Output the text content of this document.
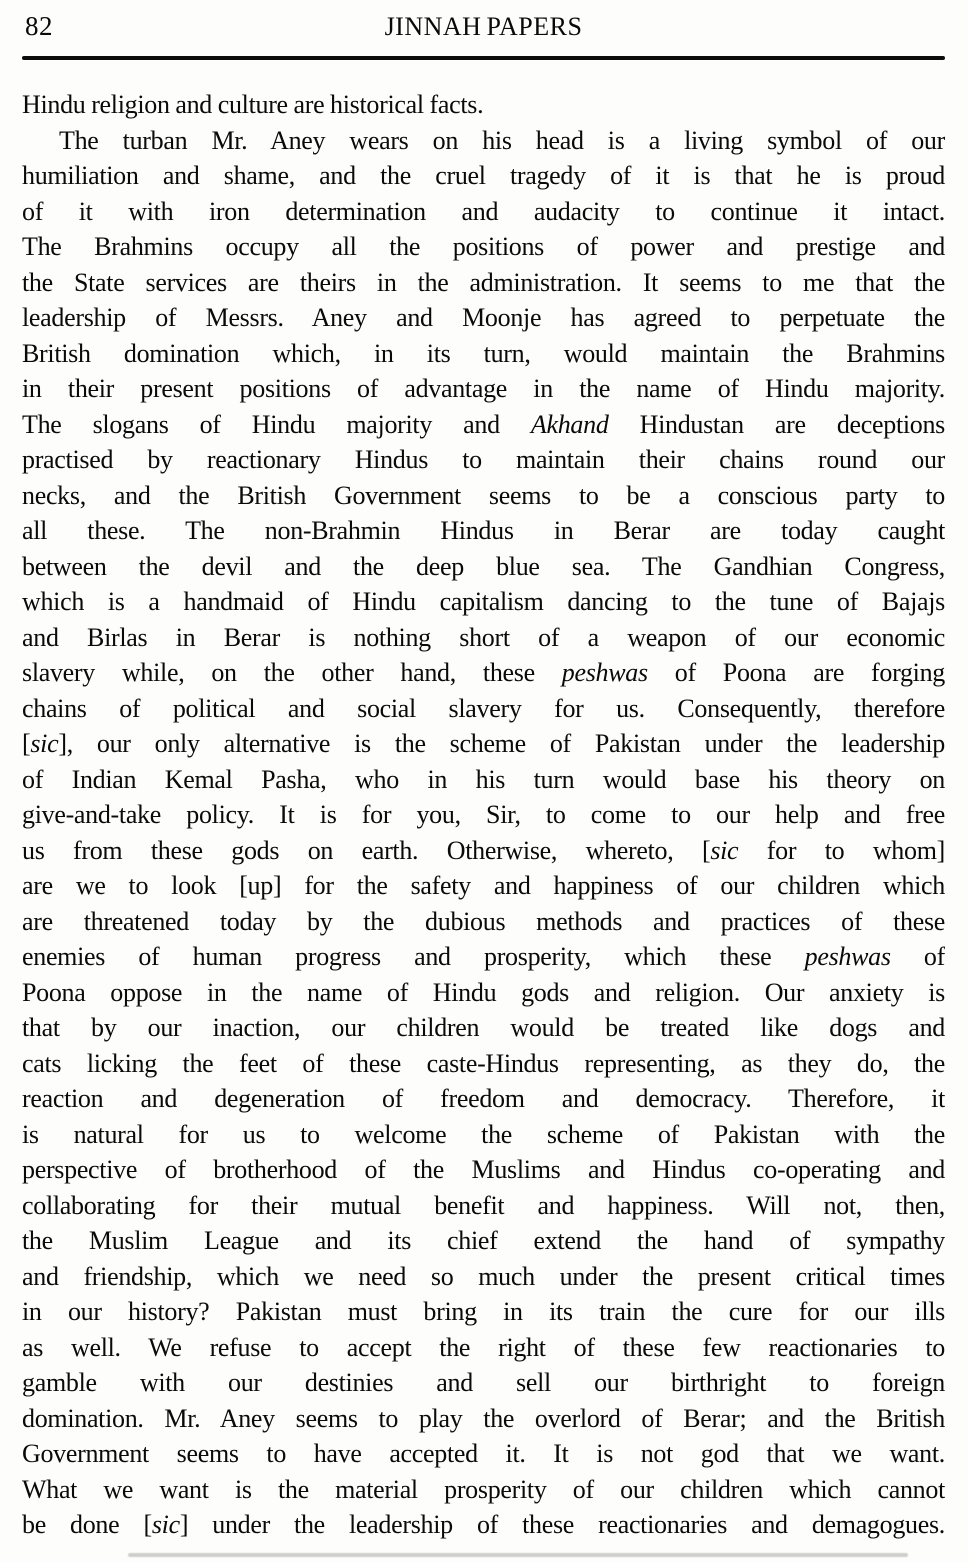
82	JINNAH PAPERS
Hindu religion and culture are historical facts.
The turban Mr. Aney wears on his head is a living symbol of our
humiliation and shame, and the cruel tragedy of it is that he is proud
of it with iron determination and audacity to continue it intact.
The Brahmins occupy all the positions of power and prestige and
the State services are theirs in the administration. It seems to me that the
leadership of Messrs. Aney and Moonje has agreed to perpetuate the
British domination which, in its turn, would maintain the Brahmins
in their present positions of advantage in the name of Hindu majority.
The slogans of Hindu majority and Akhand Hindustan are deceptions
practised by reactionary Hindus to maintain their chains round our
necks, and the British Government seems to be a conscious party to
all these. The non-Brahmin Hindus in Berar are today caught
between the devil and the deep blue sea. The Gandhian Congress,
which is a handmaid of Hindu capitalism dancing to the tune of Bajajs
and Birlas in Berar is nothing short of a weapon of our economic
slavery while, on the other hand, these peshwas of Poona are forging
chains of political and social slavery for us. Consequently, therefore
[sic], our only alternative is the scheme of Pakistan under the leadership
of Indian Kemal Pasha, who in his turn would base his theory on
give-and-take policy. It is for you, Sir, to come to our help and free
us from these gods on earth. Otherwise, whereto, [sic for to whom]
are we to look [up] for the safety and happiness of our children which
are threatened today by the dubious methods and practices of these
enemies of human progress and prosperity, which these peshwas of
Poona oppose in the name of Hindu gods and religion. Our anxiety is
that by our inaction, our children would be treated like dogs and
cats licking the feet of these caste-Hindus representing, as they do, the
reaction and degeneration of freedom and democracy. Therefore, it
is natural for us to welcome the scheme of Pakistan with the
perspective of brotherhood of the Muslims and Hindus co-operating and
collaborating for their mutual benefit and happiness. Will not, then,
the Muslim League and its chief extend the hand of sympathy
and friendship, which we need so much under the present critical times
in our history? Pakistan must bring in its train the cure for our ills
as well. We refuse to accept the right of these few reactionaries to
gamble with our destinies and sell our birthright to foreign
domination. Mr. Aney seems to play the overlord of Berar; and the British
Government seems to have accepted it. It is not god that we want.
What we want is the material prosperity of our children which cannot
be done [sic] under the leadership of these reactionaries and demagogues.
